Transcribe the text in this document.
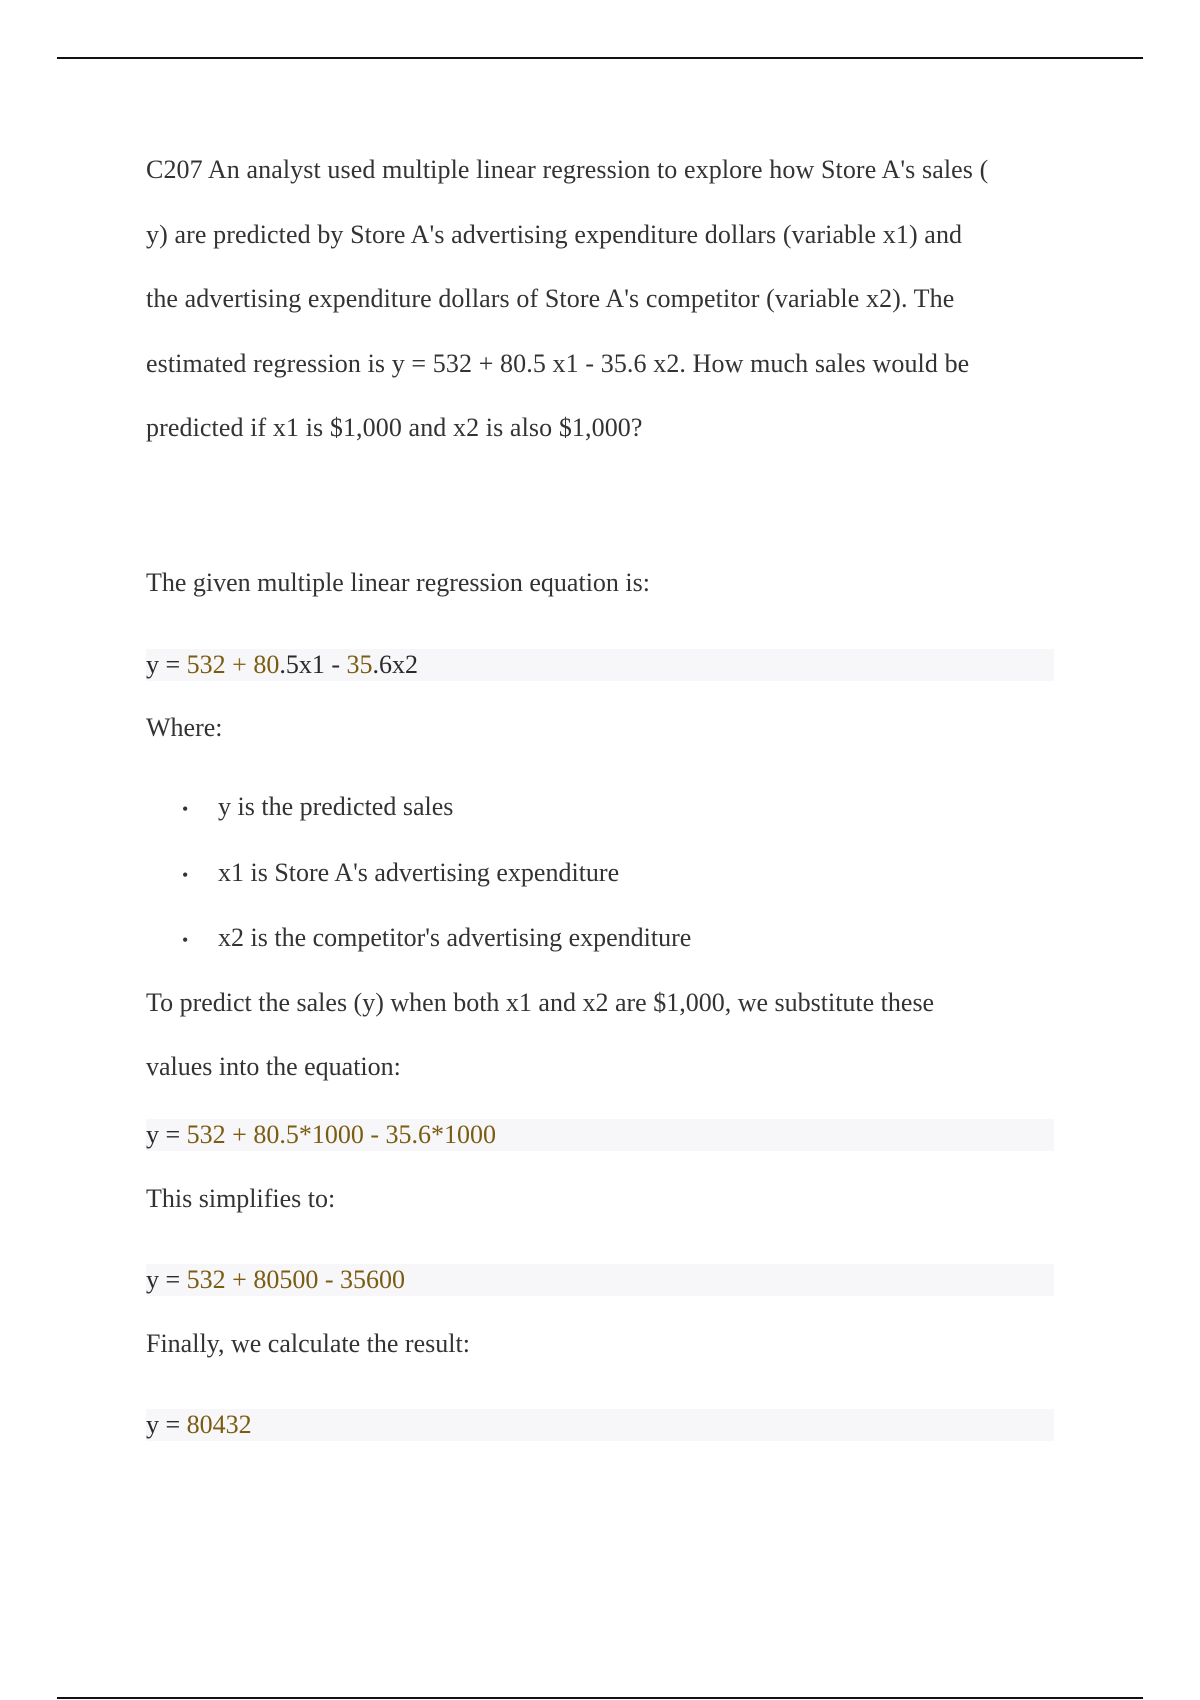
C207 An analyst used multiple linear regression to explore how Store A's sales (
y) are predicted by Store A's advertising expenditure dollars (variable x1) and
the advertising expenditure dollars of Store A's competitor (variable x2). The
estimated regression is y = 532 + 80.5 x1 - 35.6 x2. How much sales would be
predicted if x1 is $1,000 and x2 is also $1,000?

The given multiple linear regression equation is:

y = 532 + 80.5x1 - 35.6x2

Where:

• y is the predicted sales
• x1 is Store A's advertising expenditure
• x2 is the competitor's advertising expenditure

To predict the sales (y) when both x1 and x2 are $1,000, we substitute these

values into the equation:

y = 532 + 80.5*1000 - 35.6*1000

This simplifies to:

y = 532 + 80500 - 35600

Finally, we calculate the result:

y = 80432
